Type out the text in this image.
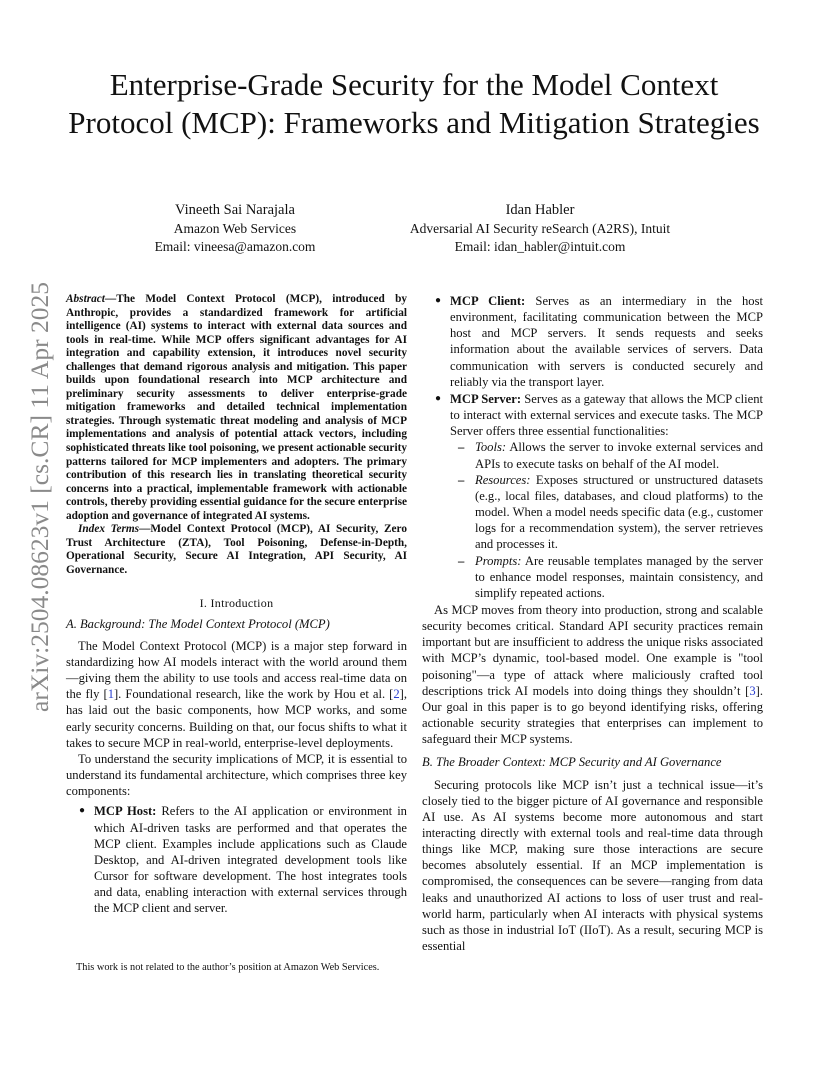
arXiv:2504.08623v1 [cs.CR] 11 Apr 2025
Enterprise-Grade Security for the Model Context Protocol (MCP): Frameworks and Mitigation Strategies
Vineeth Sai Narajala
Amazon Web Services
Email: vineesa@amazon.com
Idan Habler
Adversarial AI Security reSearch (A2RS), Intuit
Email: idan_habler@intuit.com

Abstract—The Model Context Protocol (MCP), introduced by Anthropic, provides a standardized framework for artificial intelligence (AI) systems to interact with external data sources and tools in real-time. While MCP offers significant advantages for AI integration and capability extension, it introduces novel security challenges that demand rigorous analysis and mitigation. This paper builds upon foundational research into MCP architecture and preliminary security assessments to deliver enterprise-grade mitigation frameworks and detailed technical implementation strategies. Through systematic threat modeling and analysis of MCP implementations and analysis of potential attack vectors, including sophisticated threats like tool poisoning, we present actionable security patterns tailored for MCP implementers and adopters. The primary contribution of this research lies in translating theoretical security concerns into a practical, implementable framework with actionable controls, thereby providing essential guidance for the secure enterprise adoption and governance of integrated AI systems.

Index Terms—Model Context Protocol (MCP), AI Security, Zero Trust Architecture (ZTA), Tool Poisoning, Defense-in-Depth, Operational Security, Secure AI Integration, API Security, AI Governance.

I. Introduction
A. Background: The Model Context Protocol (MCP)

The Model Context Protocol (MCP) is a major step forward in standardizing how AI models interact with the world around them—giving them the ability to use tools and access real-time data on the fly [1]. Foundational research, like the work by Hou et al. [2], has laid out the basic components, how MCP works, and some early security concerns. Building on that, our focus shifts to what it takes to secure MCP in real-world, enterprise-level deployments.

To understand the security implications of MCP, it is essential to understand its fundamental architecture, which comprises three key components:

● MCP Host: Refers to the AI application or environment in which AI-driven tasks are performed and that operates the MCP client. Examples include applications such as Claude Desktop, and AI-driven integrated development tools like Cursor for software development. The host integrates tools and data, enabling interaction with external services through the MCP client and server.
This work is not related to the author’s position at Amazon Web Services.
● MCP Client: Serves as an intermediary in the host environment, facilitating communication between the MCP host and MCP servers. It sends requests and seeks information about the available services of servers. Data communication with servers is conducted securely and reliably via the transport layer.
● MCP Server: Serves as a gateway that allows the MCP client to interact with external services and execute tasks. The MCP Server offers three essential functionalities:
– Tools: Allows the server to invoke external services and APIs to execute tasks on behalf of the AI model.
– Resources: Exposes structured or unstructured datasets (e.g., local files, databases, and cloud platforms) to the model. When a model needs specific data (e.g., customer logs for a recommendation system), the server retrieves and processes it.
– Prompts: Are reusable templates managed by the server to enhance model responses, maintain consistency, and simplify repeated actions.

As MCP moves from theory into production, strong and scalable security becomes critical. Standard API security practices remain important but are insufficient to address the unique risks associated with MCP’s dynamic, tool-based model. One example is "tool poisoning"—a type of attack where maliciously crafted tool descriptions trick AI models into doing things they shouldn’t [3]. Our goal in this paper is to go beyond identifying risks, offering actionable security strategies that enterprises can implement to safeguard their MCP systems.

B. The Broader Context: MCP Security and AI Governance

Securing protocols like MCP isn’t just a technical issue—it’s closely tied to the bigger picture of AI governance and responsible AI use. As AI systems become more autonomous and start interacting directly with external tools and real-time data through things like MCP, making sure those interactions are secure becomes absolutely essential. If an MCP implementation is compromised, the consequences can be severe—ranging from data leaks and unauthorized AI actions to loss of user trust and real-world harm, particularly when AI interacts with physical systems such as those in industrial IoT (IIoT). As a result, securing MCP is essential
